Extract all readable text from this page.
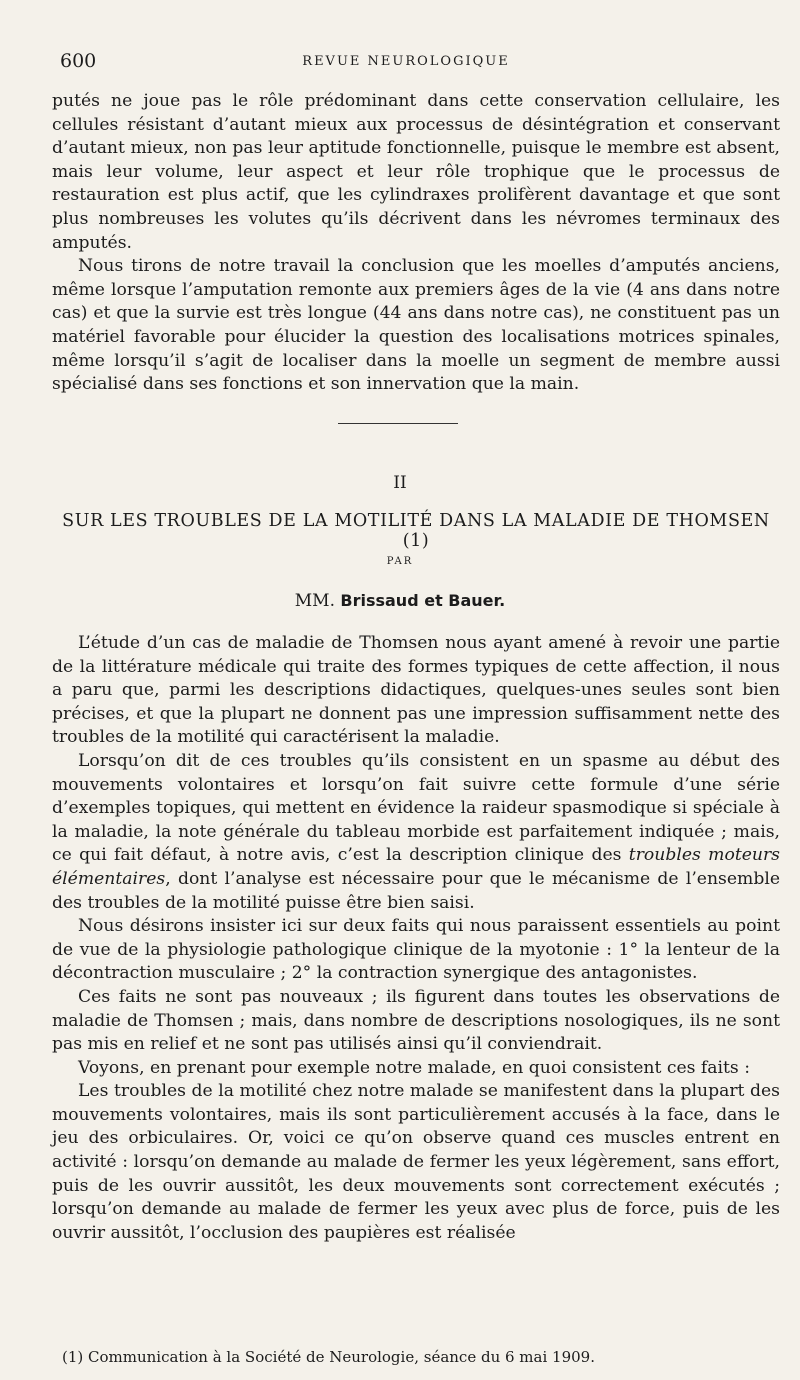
600	REVUE NEUROLOGIQUE

putés ne joue pas le rôle prédominant dans cette conservation cellulaire, les cellules résistant d’autant mieux aux processus de désintégration et conservant d’autant mieux, non pas leur aptitude fonctionnelle, puisque le membre est absent, mais leur volume, leur aspect et leur rôle trophique que le processus de restauration est plus actif, que les cylindraxes prolifèrent davantage et que sont plus nombreuses les volutes qu’ils décrivent dans les névromes terminaux des amputés.

Nous tirons de notre travail la conclusion que les moelles d’amputés anciens, même lorsque l’amputation remonte aux premiers âges de la vie (4 ans dans notre cas) et que la survie est très longue (44 ans dans notre cas), ne constituent pas un matériel favorable pour élucider la question des localisations motrices spinales, même lorsqu’il s’agit de localiser dans la moelle un segment de membre aussi spécialisé dans ses fonctions et son innervation que la main.

II
SUR LES TROUBLES DE LA MOTILITÉ DANS LA MALADIE DE THOMSEN (1)
PAR
MM. Brissaud et Bauer.

L’étude d’un cas de maladie de Thomsen nous ayant amené à revoir une partie de la littérature médicale qui traite des formes typiques de cette affection, il nous a paru que, parmi les descriptions didactiques, quelques-unes seules sont bien précises, et que la plupart ne donnent pas une impression suffisamment nette des troubles de la motilité qui caractérisent la maladie.

Lorsqu’on dit de ces troubles qu’ils consistent en un spasme au début des mouvements volontaires et lorsqu’on fait suivre cette formule d’une série d’exemples topiques, qui mettent en évidence la raideur spasmodique si spéciale à la maladie, la note générale du tableau morbide est parfaitement indiquée ; mais, ce qui fait défaut, à notre avis, c’est la description clinique des troubles moteurs élémentaires, dont l’analyse est nécessaire pour que le mécanisme de l’ensemble des troubles de la motilité puisse être bien saisi.

Nous désirons insister ici sur deux faits qui nous paraissent essentiels au point de vue de la physiologie pathologique clinique de la myotonie : 1° la lenteur de la décontraction musculaire ; 2° la contraction synergique des antagonistes.

Ces faits ne sont pas nouveaux ; ils figurent dans toutes les observations de maladie de Thomsen ; mais, dans nombre de descriptions nosologiques, ils ne sont pas mis en relief et ne sont pas utilisés ainsi qu’il conviendrait.

Voyons, en prenant pour exemple notre malade, en quoi consistent ces faits :

Les troubles de la motilité chez notre malade se manifestent dans la plupart des mouvements volontaires, mais ils sont particulièrement accusés à la face, dans le jeu des orbiculaires. Or, voici ce qu’on observe quand ces muscles entrent en activité : lorsqu’on demande au malade de fermer les yeux légèrement, sans effort, puis de les ouvrir aussitôt, les deux mouvements sont correctement exécutés ; lorsqu’on demande au malade de fermer les yeux avec plus de force, puis de les ouvrir aussitôt, l’occlusion des paupières est réalisée

(1) Communication à la Société de Neurologie, séance du 6 mai 1909.
